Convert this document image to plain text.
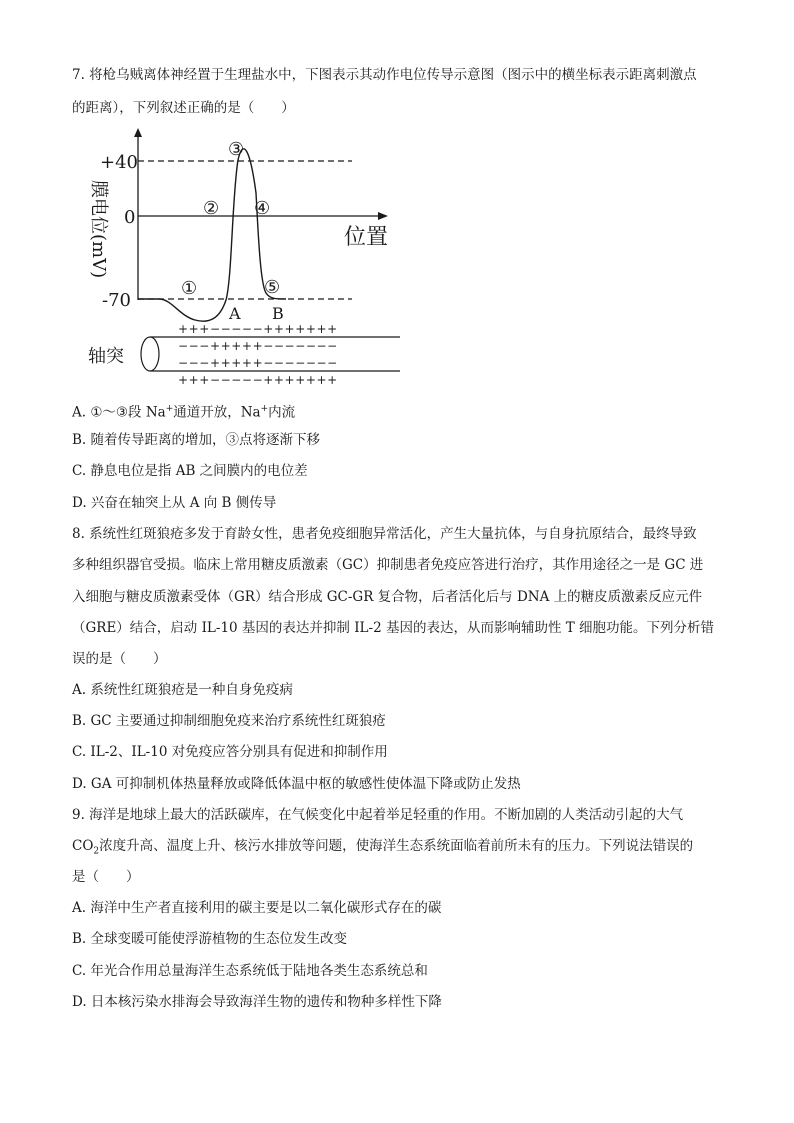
7. 将枪乌贼离体神经置于生理盐水中，下图表示其动作电位传导示意图（图示中的横坐标表示距离刺激点
的距离），下列叙述正确的是（　　）
+40
0
-70
膜电位(mV)	位置
①
②
③
④
⑤
A B
轴突
+++−−−−−+++++++
−−−+++++−−−−−−−
−−−+++++−−−−−−−
+++−−−−−+++++++
A. ①～③段 Na+通道开放，Na+内流
B. 随着传导距离的增加，③点将逐渐下移
C. 静息电位是指 AB 之间膜内的电位差
D. 兴奋在轴突上从 A 向 B 侧传导
8. 系统性红斑狼疮多发于育龄女性，患者免疫细胞异常活化，产生大量抗体，与自身抗原结合，最终导致
多种组织器官受损。临床上常用糖皮质激素（GC）抑制患者免疫应答进行治疗，其作用途径之一是 GC 进
入细胞与糖皮质激素受体（GR）结合形成 GC-GR 复合物，后者活化后与 DNA 上的糖皮质激素反应元件
（GRE）结合，启动 IL-10 基因的表达并抑制 IL-2 基因的表达，从而影响辅助性 T 细胞功能。下列分析错
误的是（　　）
A. 系统性红斑狼疮是一种自身免疫病
B. GC 主要通过抑制细胞免疫来治疗系统性红斑狼疮
C. IL-2、IL-10 对免疫应答分别具有促进和抑制作用
D. GA 可抑制机体热量释放或降低体温中枢的敏感性使体温下降或防止发热
9. 海洋是地球上最大的活跃碳库，在气候变化中起着举足轻重的作用。不断加剧的人类活动引起的大气
$CO_2$浓度升高、温度上升、核污水排放等问题，使海洋生态系统面临着前所未有的压力。下列说法错误的
是（　　）
A. 海洋中生产者直接利用的碳主要是以二氧化碳形式存在的碳
B. 全球变暖可能使浮游植物的生态位发生改变
C. 年光合作用总量海洋生态系统低于陆地各类生态系统总和
D. 日本核污染水排海会导致海洋生物的遗传和物种多样性下降
